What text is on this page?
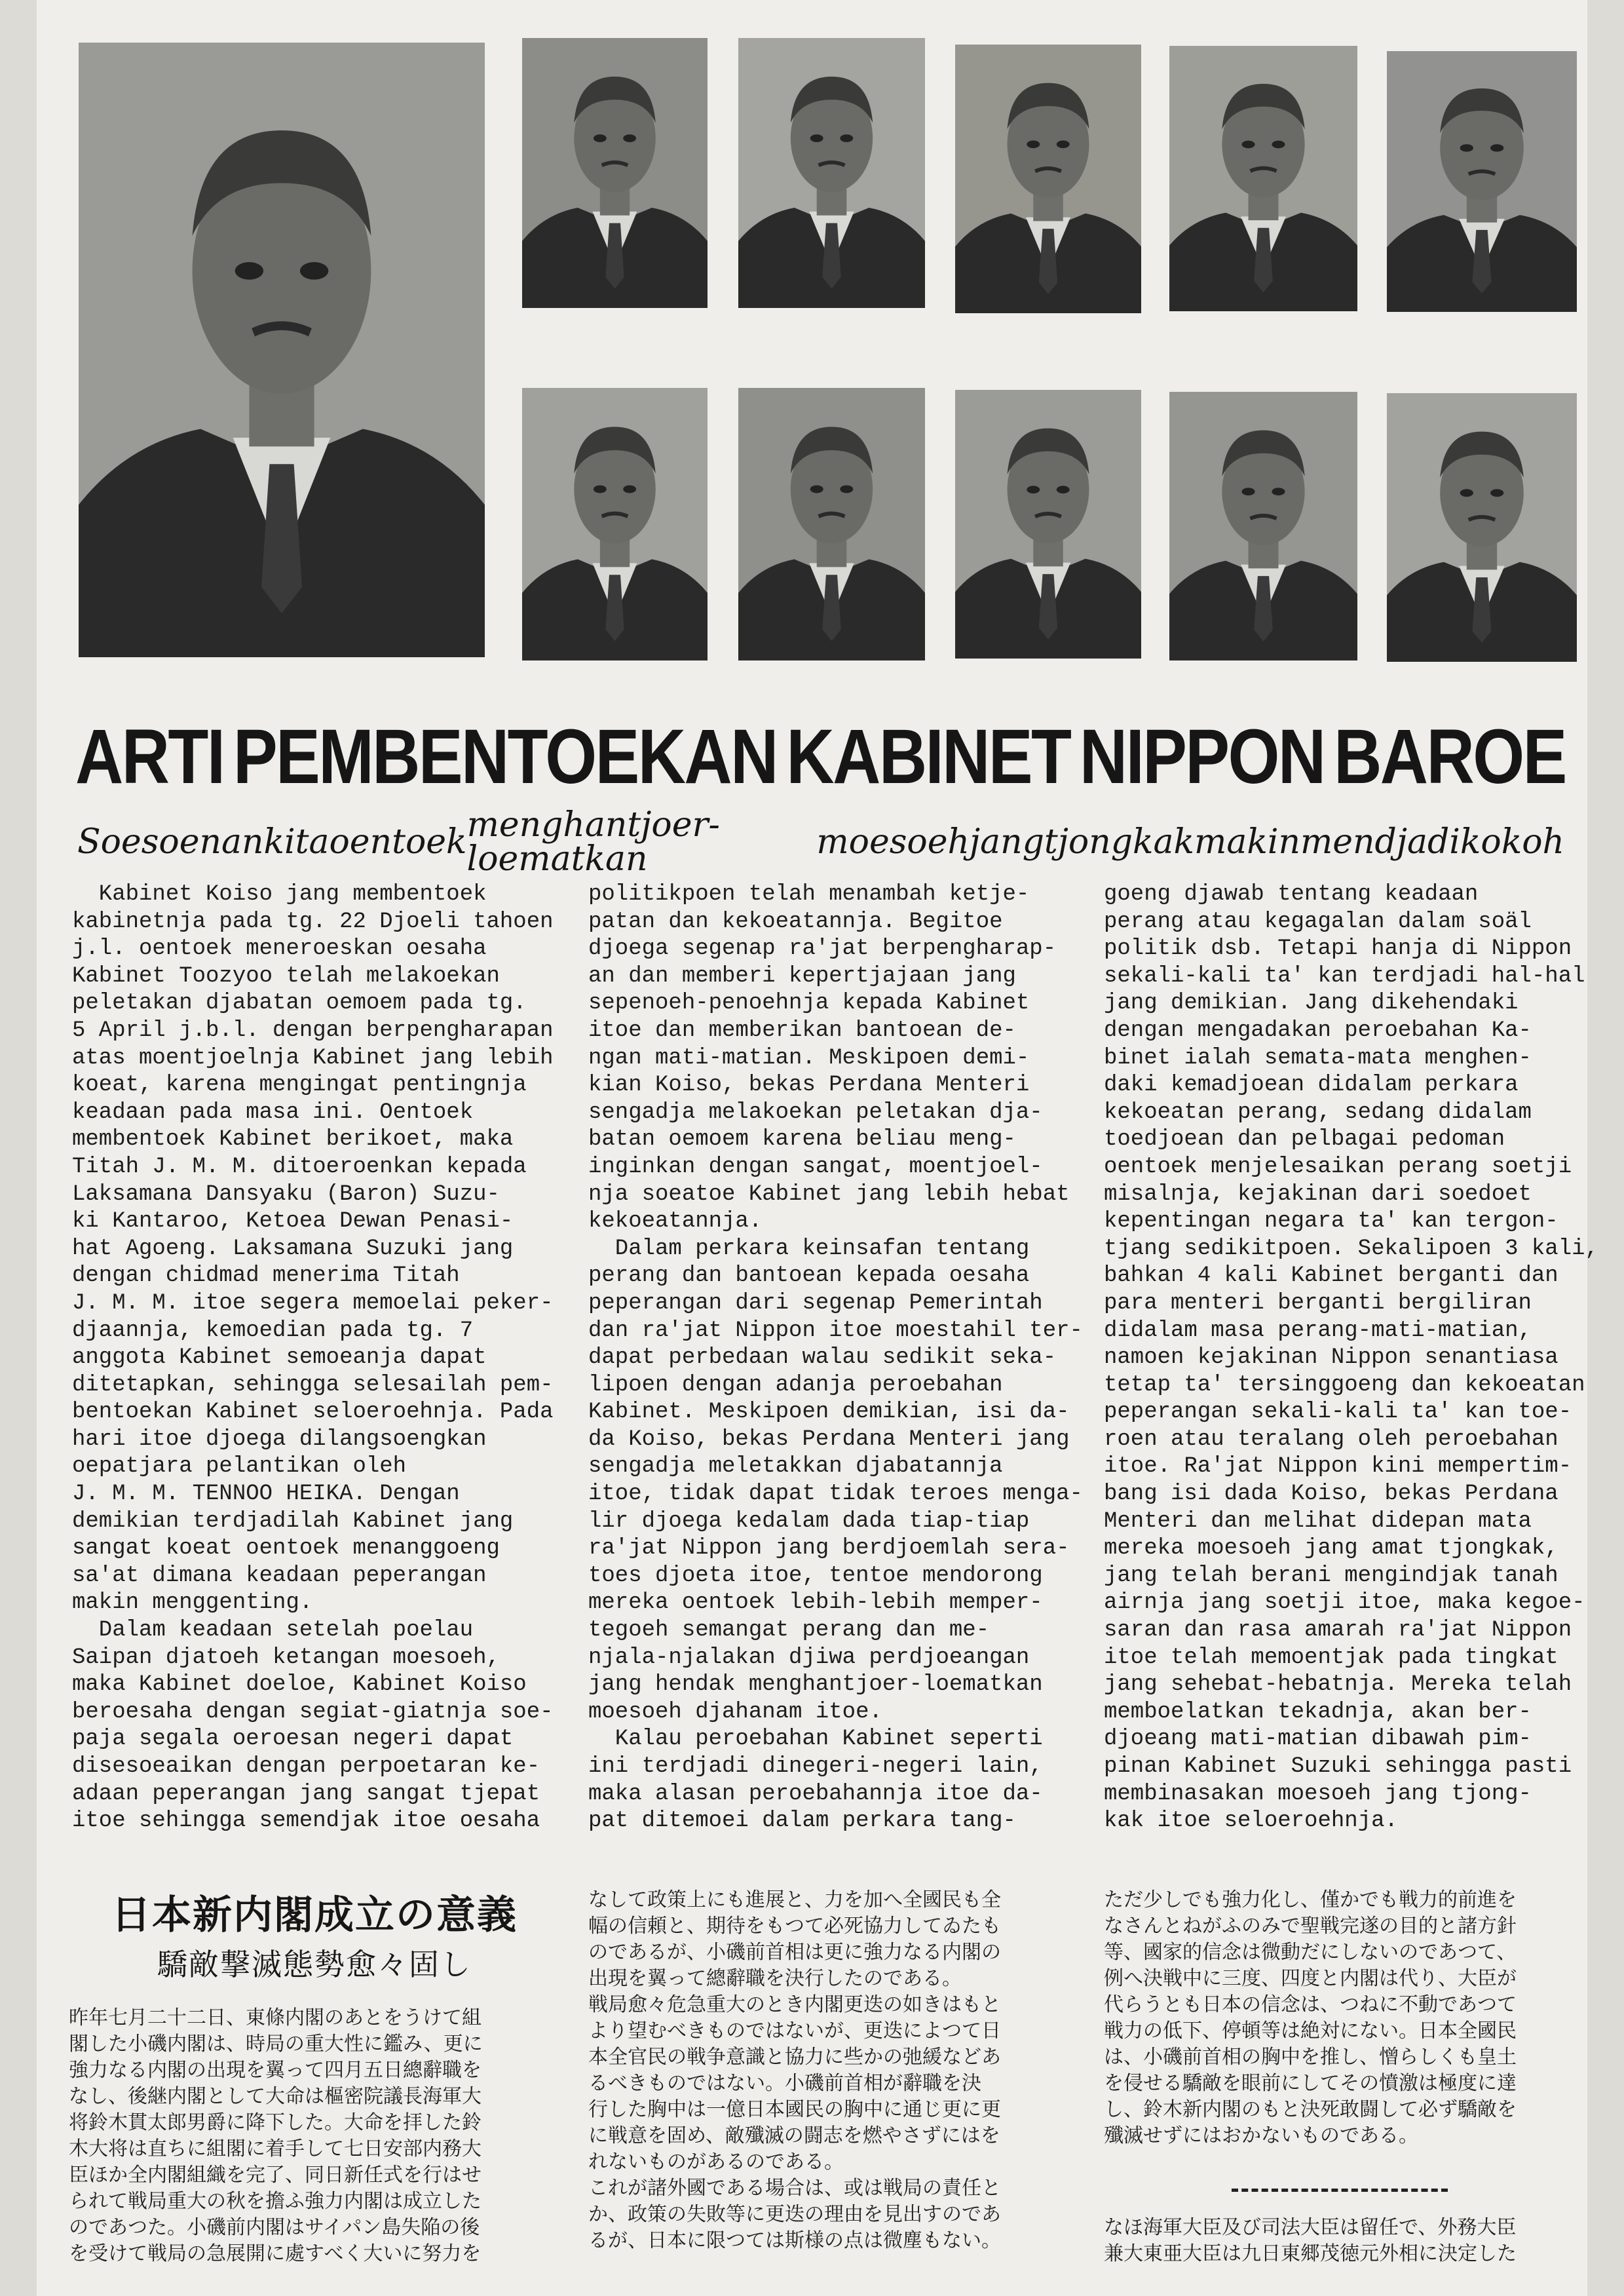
ARTI PEMBENTOEKAN KABINET NIPPON BAROE
Soesoenan kita oentoek menghantjoer-loematkan	moesoeh jang tjongkak makin mendjadi kokoh
Kabinet Koiso jang membentoek
kabinetnja pada tg. 22 Djoeli tahoen
j.l. oentoek meneroeskan oesaha
Kabinet Toozyoo telah melakoekan
peletakan djabatan oemoem pada tg.
5 April j.b.l. dengan berpengharapan
atas moentjoelnja Kabinet jang lebih
koeat, karena mengingat pentingnja
keadaan pada masa ini. Oentoek
membentoek Kabinet berikoet, maka
Titah J. M. M. ditoeroenkan kepada
Laksamana Dansyaku (Baron) Suzu-
ki Kantaroo, Ketoea Dewan Penasi-
hat Agoeng. Laksamana Suzuki jang
dengan chidmad menerima Titah
J. M. M. itoe segera memoelai peker-
djaannja, kemoedian pada tg. 7
anggota Kabinet semoeanja dapat
ditetapkan, sehingga selesailah pem-
bentoekan Kabinet seloeroehnja. Pada
hari itoe djoega dilangsoengkan
oepatjara pelantikan oleh
J. M. M. TENNOO HEIKA. Dengan
demikian terdjadilah Kabinet jang
sangat koeat oentoek menanggoeng
sa'at dimana keadaan peperangan
makin menggenting.
Dalam keadaan setelah poelau
Saipan djatoeh ketangan moesoeh,
maka Kabinet doeloe, Kabinet Koiso
beroesaha dengan segiat-giatnja soe-
paja segala oeroesan negeri dapat
disesoeaikan dengan perpoetaran ke-
adaan peperangan jang sangat tjepat
itoe sehingga semendjak itoe oesaha
politikpoen telah menambah ketje-
patan dan kekoeatannja. Begitoe
djoega segenap ra'jat berpengharap-
an dan memberi kepertjajaan jang
sepenoeh-penoehnja kepada Kabinet
itoe dan memberikan bantoean de-
ngan mati-matian. Meskipoen demi-
kian Koiso, bekas Perdana Menteri
sengadja melakoekan peletakan dja-
batan oemoem karena beliau meng-
inginkan dengan sangat, moentjoel-
nja soeatoe Kabinet jang lebih hebat
kekoeatannja.
Dalam perkara keinsafan tentang
perang dan bantoean kepada oesaha
peperangan dari segenap Pemerintah
dan ra'jat Nippon itoe moestahil ter-
dapat perbedaan walau sedikit seka-
lipoen dengan adanja peroebahan
Kabinet. Meskipoen demikian, isi da-
da Koiso, bekas Perdana Menteri jang
sengadja meletakkan djabatannja
itoe, tidak dapat tidak teroes menga-
lir djoega kedalam dada tiap-tiap
ra'jat Nippon jang berdjoemlah sera-
toes djoeta itoe, tentoe mendorong
mereka oentoek lebih-lebih memper-
tegoeh semangat perang dan me-
njala-njalakan djiwa perdjoeangan
jang hendak menghantjoer-loematkan
moesoeh djahanam itoe.
Kalau peroebahan Kabinet seperti
ini terdjadi dinegeri-negeri lain,
maka alasan peroebahannja itoe da-
pat ditemoei dalam perkara tang-
goeng djawab tentang keadaan
perang atau kegagalan dalam soäl
politik dsb. Tetapi hanja di Nippon
sekali-kali ta' kan terdjadi hal-hal
jang demikian. Jang dikehendaki
dengan mengadakan peroebahan Ka-
binet ialah semata-mata menghen-
daki kemadjoean didalam perkara
kekoeatan perang, sedang didalam
toedjoean dan pelbagai pedoman
oentoek menjelesaikan perang soetji
misalnja, kejakinan dari soedoet
kepentingan negara ta' kan tergon-
tjang sedikitpoen. Sekalipoen 3 kali,
bahkan 4 kali Kabinet berganti dan
para menteri berganti bergiliran
didalam masa perang-mati-matian,
namoen kejakinan Nippon senantiasa
tetap ta' tersinggoeng dan kekoeatan
peperangan sekali-kali ta' kan toe-
roen atau teralang oleh peroebahan
itoe. Ra'jat Nippon kini mempertim-
bang isi dada Koiso, bekas Perdana
Menteri dan melihat didepan mata
mereka moesoeh jang amat tjongkak,
jang telah berani mengindjak tanah
airnja jang soetji itoe, maka kegoe-
saran dan rasa amarah ra'jat Nippon
itoe telah memoentjak pada tingkat
jang sehebat-hebatnja. Mereka telah
memboelatkan tekadnja, akan ber-
djoeang mati-matian dibawah pim-
pinan Kabinet Suzuki sehingga pasti
membinasakan moesoeh jang tjong-
kak itoe seloeroehnja.
日本新内閣成立の意義
驕敵撃滅態勢愈々固し
昨年七月二十二日、東條内閣のあとをうけて組
閣した小磯内閣は、時局の重大性に鑑み、更に
強力なる内閣の出現を翼って四月五日總辭職を
なし、後継内閣として大命は樞密院議長海軍大
将鈴木貫太郎男爵に降下した。大命を拝した鈴
木大将は直ちに組閣に着手して七日安部内務大
臣ほか全内閣組織を完了、同日新任式を行はせ
られて戦局重大の秋を擔ふ強力内閣は成立した
のであつた。小磯前内閣はサイパン島失陥の後
を受けて戦局の急展開に處すべく大いに努力を
なして政策上にも進展と、力を加へ全國民も全
幅の信頼と、期待をもつて必死協力してゐたも
のであるが、小磯前首相は更に強力なる内閣の
出現を翼って總辭職を決行したのである。
戦局愈々危急重大のとき内閣更迭の如きはもと
より望むべきものではないが、更迭によつて日
本全官民の戦争意識と協力に些かの弛緩などあ
るべきものではない。小磯前首相が辭職を決
行した胸中は一億日本國民の胸中に通じ更に更
に戦意を固め、敵殲滅の闘志を燃やさずにはを
れないものがあるのである。
これが諸外國である場合は、或は戦局の責任と
か、政策の失敗等に更迭の理由を見出すのであ
るが、日本に限つては斯様の点は微塵もない。
ただ少しでも強力化し、僅かでも戦力的前進を
なさんとねがふのみで聖戦完遂の目的と諸方針
等、國家的信念は微動だにしないのであつて、
例へ決戦中に三度、四度と内閣は代り、大臣が
代らうとも日本の信念は、つねに不動であつて
戦力の低下、停頓等は絶対にない。日本全國民
は、小磯前首相の胸中を推し、憎らしくも皇土
を侵せる驕敵を眼前にしてその憤激は極度に達
し、鈴木新内閣のもと決死敢闘して必ず驕敵を
殲滅せずにはおかないものである。
なほ海軍大臣及び司法大臣は留任で、外務大臣
兼大東亜大臣は九日東郷茂徳元外相に決定した
